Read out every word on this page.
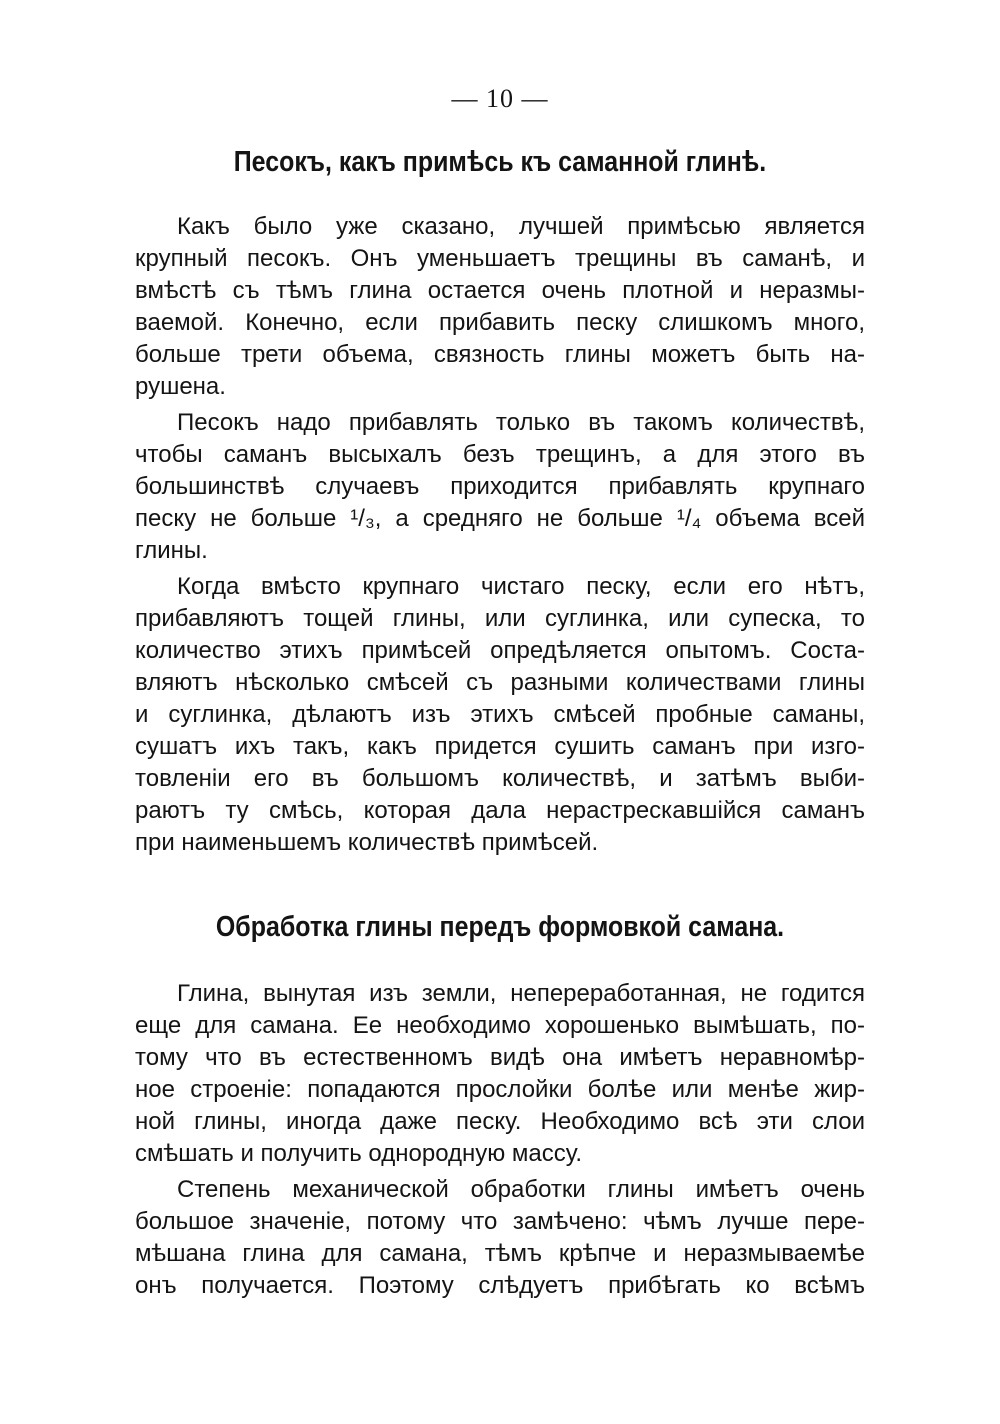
— 10 —
Песокъ, какъ примѣсь къ саманной глинѣ.
Какъ было уже сказано, лучшей примѣсью является
крупный песокъ. Онъ уменьшаетъ трещины въ саманѣ, и
вмѣстѣ съ тѣмъ глина остается очень плотной и неразмы-
ваемой. Конечно, если прибавить песку слишкомъ много,
больше трети объема, связность глины можетъ быть на-
рушена.
Песокъ надо прибавлять только въ такомъ количествѣ,
чтобы саманъ высыхалъ безъ трещинъ, а для этого въ
большинствѣ случаевъ приходится прибавлять крупнаго
песку не больше ¹/₃, а средняго не больше ¹/₄ объема всей
глины.
Когда вмѣсто крупнаго чистаго песку, если его нѣтъ,
прибавляютъ тощей глины, или суглинка, или супеска, то
количество этихъ примѣсей опредѣляется опытомъ. Соста-
вляютъ нѣсколько смѣсей съ разными количествами глины
и суглинка, дѣлаютъ изъ этихъ смѣсей пробные саманы,
сушатъ ихъ такъ, какъ придется сушить саманъ при изго-
товленіи его въ большомъ количествѣ, и затѣмъ выби-
раютъ ту смѣсь, которая дала нерастрескавшійся саманъ
при наименьшемъ количествѣ примѣсей.
Обработка глины передъ формовкой самана.
Глина, вынутая изъ земли, непереработанная, не годится
еще для самана. Ее необходимо хорошенько вымѣшать, по-
тому что въ естественномъ видѣ она имѣетъ неравномѣр-
ное строеніе: попадаются прослойки болѣе или менѣе жир-
ной глины, иногда даже песку. Необходимо всѣ эти слои
смѣшать и получить однородную массу.
Степень механической обработки глины имѣетъ очень
большое значеніе, потому что замѣчено: чѣмъ лучше пере-
мѣшана глина для самана, тѣмъ крѣпче и неразмываемѣе
онъ получается. Поэтому слѣдуетъ прибѣгать ко всѣмъ
